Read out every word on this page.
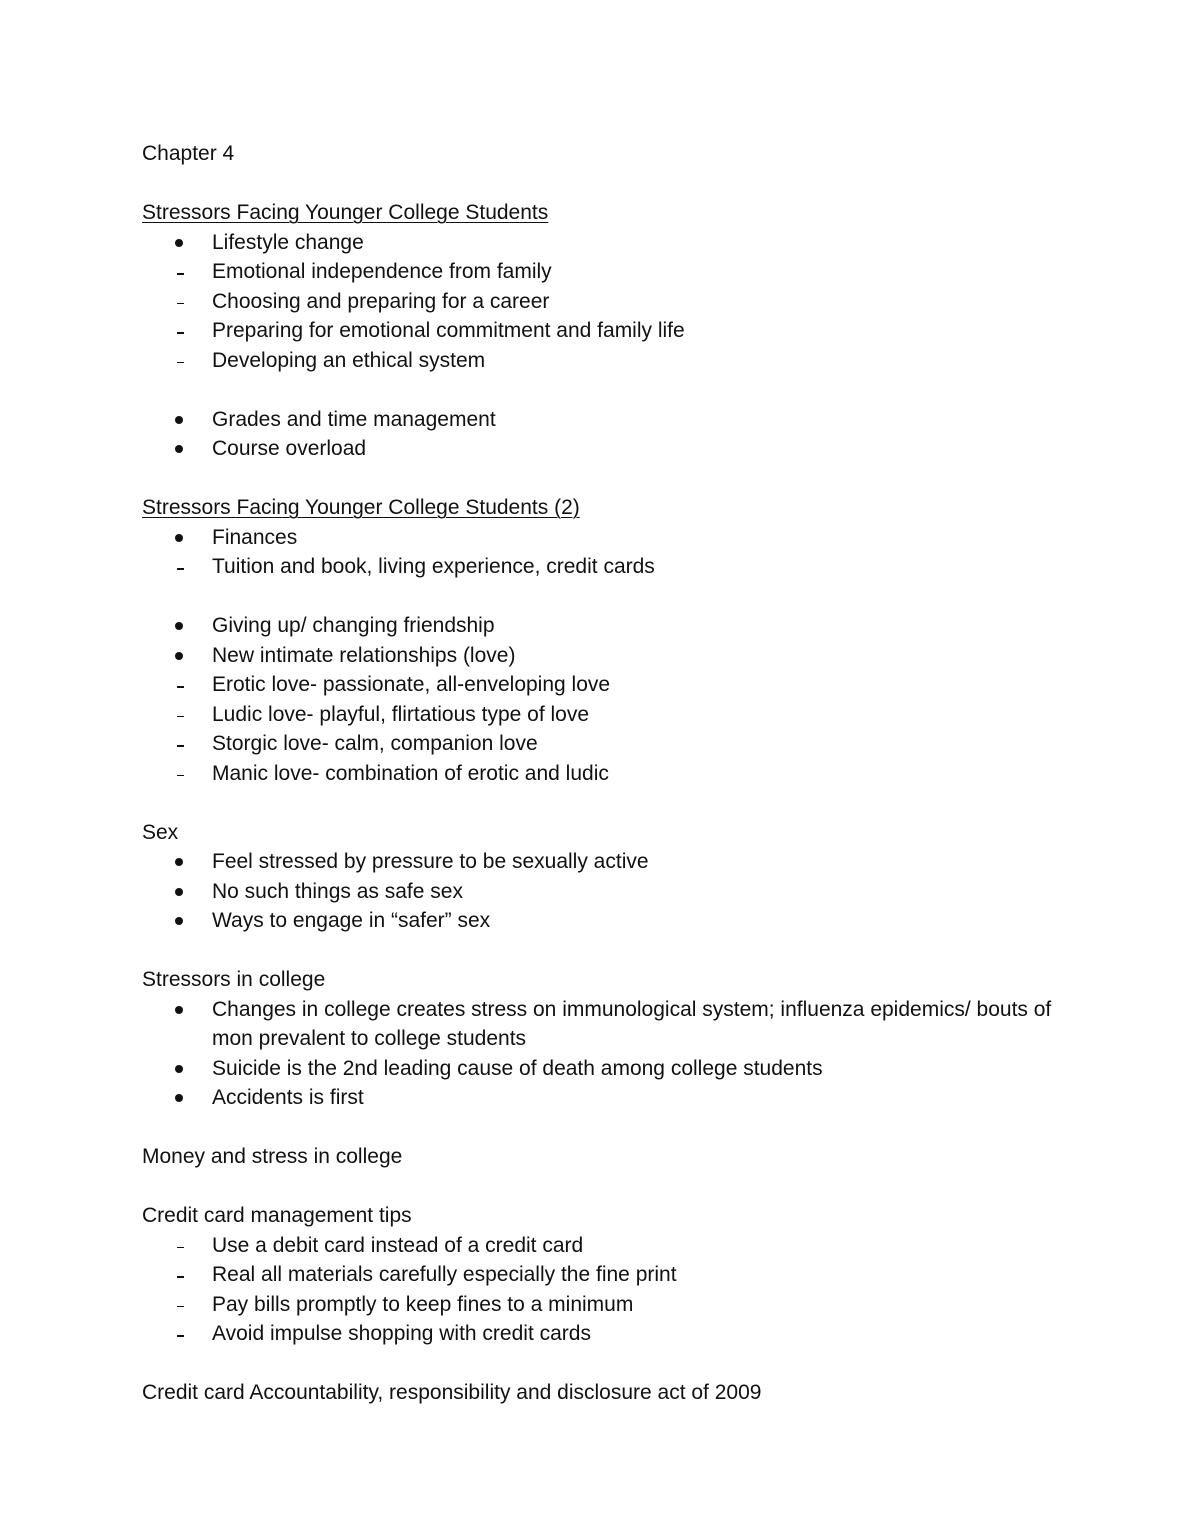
Chapter 4
Stressors Facing Younger College Students
Lifestyle change
Emotional independence from family
Choosing and preparing for a career
Preparing for emotional commitment and family life
Developing an ethical system
Grades and time management
Course overload
Stressors Facing Younger College Students (2)
Finances
Tuition and book, living experience, credit cards
Giving up/ changing friendship
New intimate relationships (love)
Erotic love- passionate, all-enveloping love
Ludic love- playful, flirtatious type of love
Storgic love- calm, companion love
Manic love- combination of erotic and ludic
Sex
Feel stressed by pressure to be sexually active
No such things as safe sex
Ways to engage in “safer” sex
Stressors in college
Changes in college creates stress on immunological system; influenza epidemics/ bouts of mon prevalent to college students
Suicide is the 2nd leading cause of death among college students
Accidents is first
Money and stress in college
Credit card management tips
Use a debit card instead of a credit card
Real all materials carefully especially the fine print
Pay bills promptly to keep fines to a minimum
Avoid impulse shopping with credit cards
Credit card Accountability, responsibility and disclosure act of 2009
